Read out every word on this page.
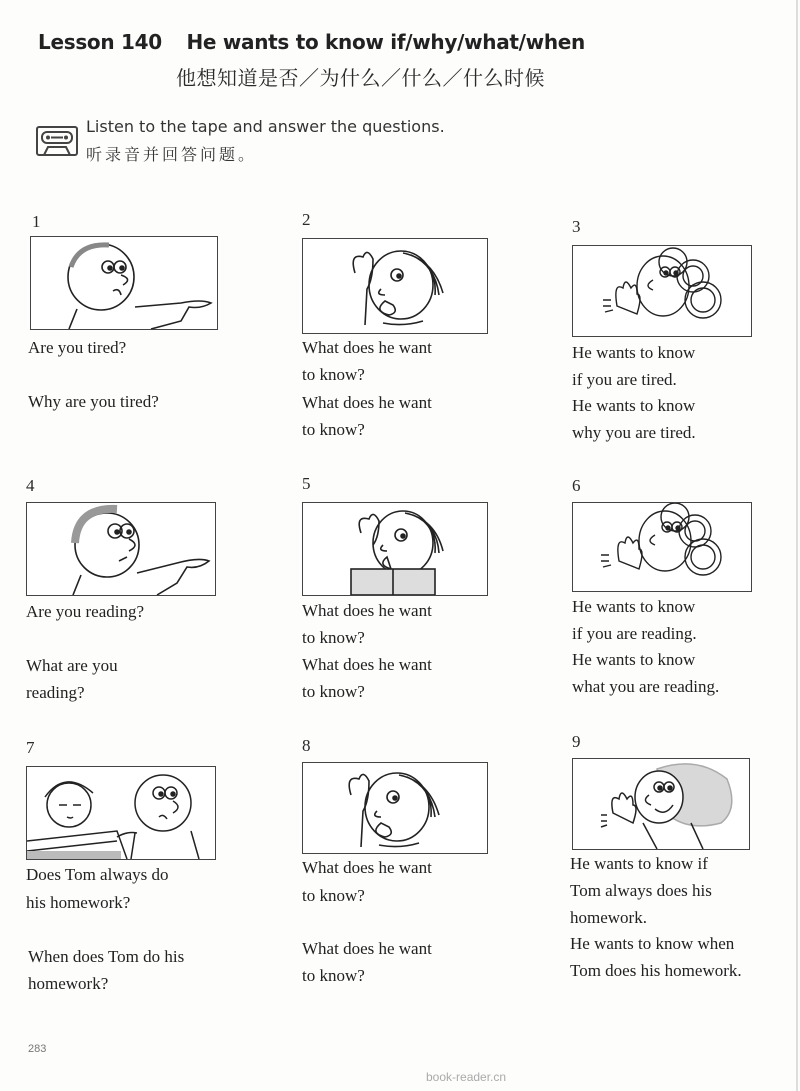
Lesson 140 He wants to know if/why/what/when
他想知道是否／为什么／什么／什么时候
Listen to the tape and answer the questions.
听录音并回答问题。
1
Are you tired?
Why are you tired?
2
What does he want
to know?
What does he want
to know?
3
He wants to know
if you are tired.
He wants to know
why you are tired.
4
Are you reading?
What are you
reading?
5
What does he want
to know?
What does he want
to know?
6
He wants to know
if you are reading.
He wants to know
what you are reading.
7
Does Tom always do
his homework?
When does Tom do his
homework?
8
What does he want
to know?
What does he want
to know?
9
He wants to know if
Tom always does his
homework.
He wants to know when
Tom does his homework.
283
book-reader.cn
